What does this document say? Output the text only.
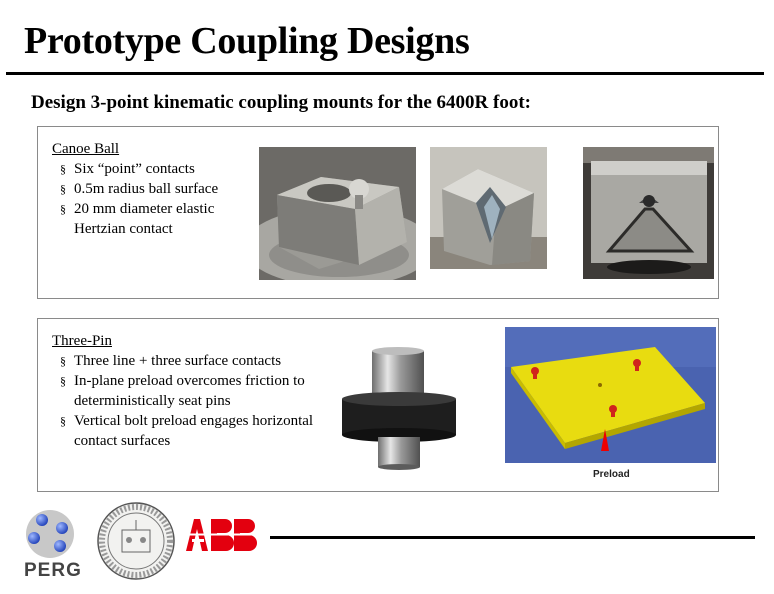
Prototype Coupling Designs
Design 3-point kinematic coupling mounts for the 6400R foot:
Canoe Ball
§ Six “point” contacts
§ 0.5m radius ball surface
§ 20 mm diameter elastic Hertzian contact
Three-Pin
§ Three line + three surface contacts
§ In-plane preload overcomes friction to deterministically seat pins
§ Vertical bolt preload engages horizontal contact surfaces
Preload
PERG
